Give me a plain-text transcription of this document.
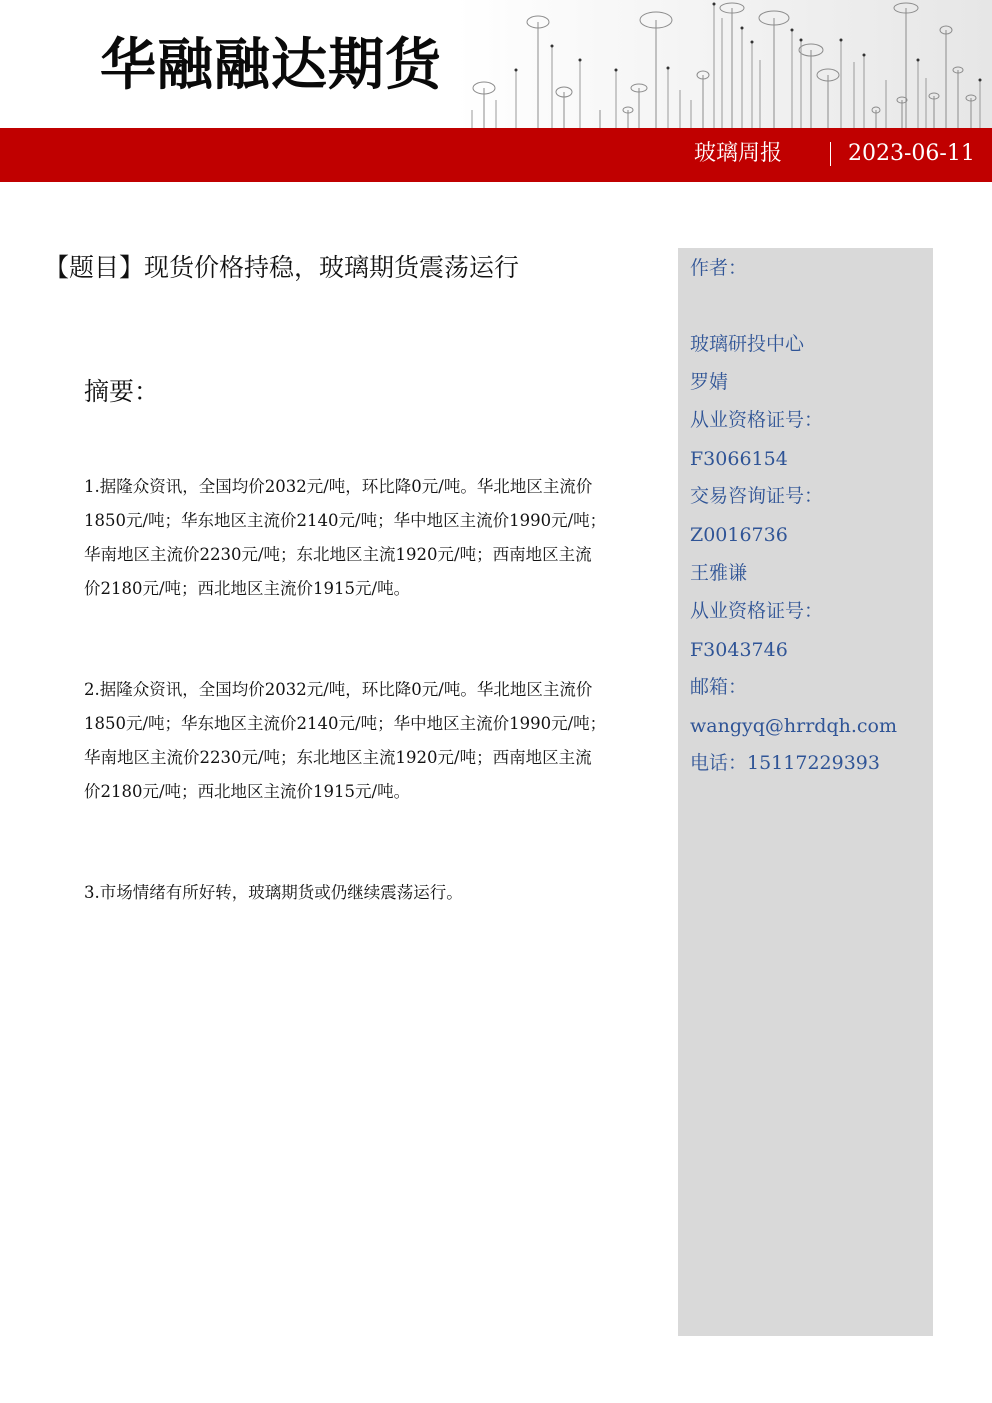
华融融达期货
玻璃周报	2023-06-11
【题目】现货价格持稳，玻璃期货震荡运行
摘要：
1.据隆众资讯，全国均价2032元/吨，环比降0元/吨。华北地区主流价1850元/吨；华东地区主流价2140元/吨；华中地区主流价1990元/吨；华南地区主流价2230元/吨；东北地区主流1920元/吨；西南地区主流价2180元/吨；西北地区主流价1915元/吨。
2.据隆众资讯，全国均价2032元/吨，环比降0元/吨。华北地区主流价1850元/吨；华东地区主流价2140元/吨；华中地区主流价1990元/吨；华南地区主流价2230元/吨；东北地区主流1920元/吨；西南地区主流价2180元/吨；西北地区主流价1915元/吨。
3.市场情绪有所好转，玻璃期货或仍继续震荡运行。
作者：
玻璃研投中心
罗婧
从业资格证号：
F3066154
交易咨询证号：
Z0016736
王雅谦
从业资格证号：
F3043746
邮箱：
wangyq@hrrdqh.com
电话：15117229393
